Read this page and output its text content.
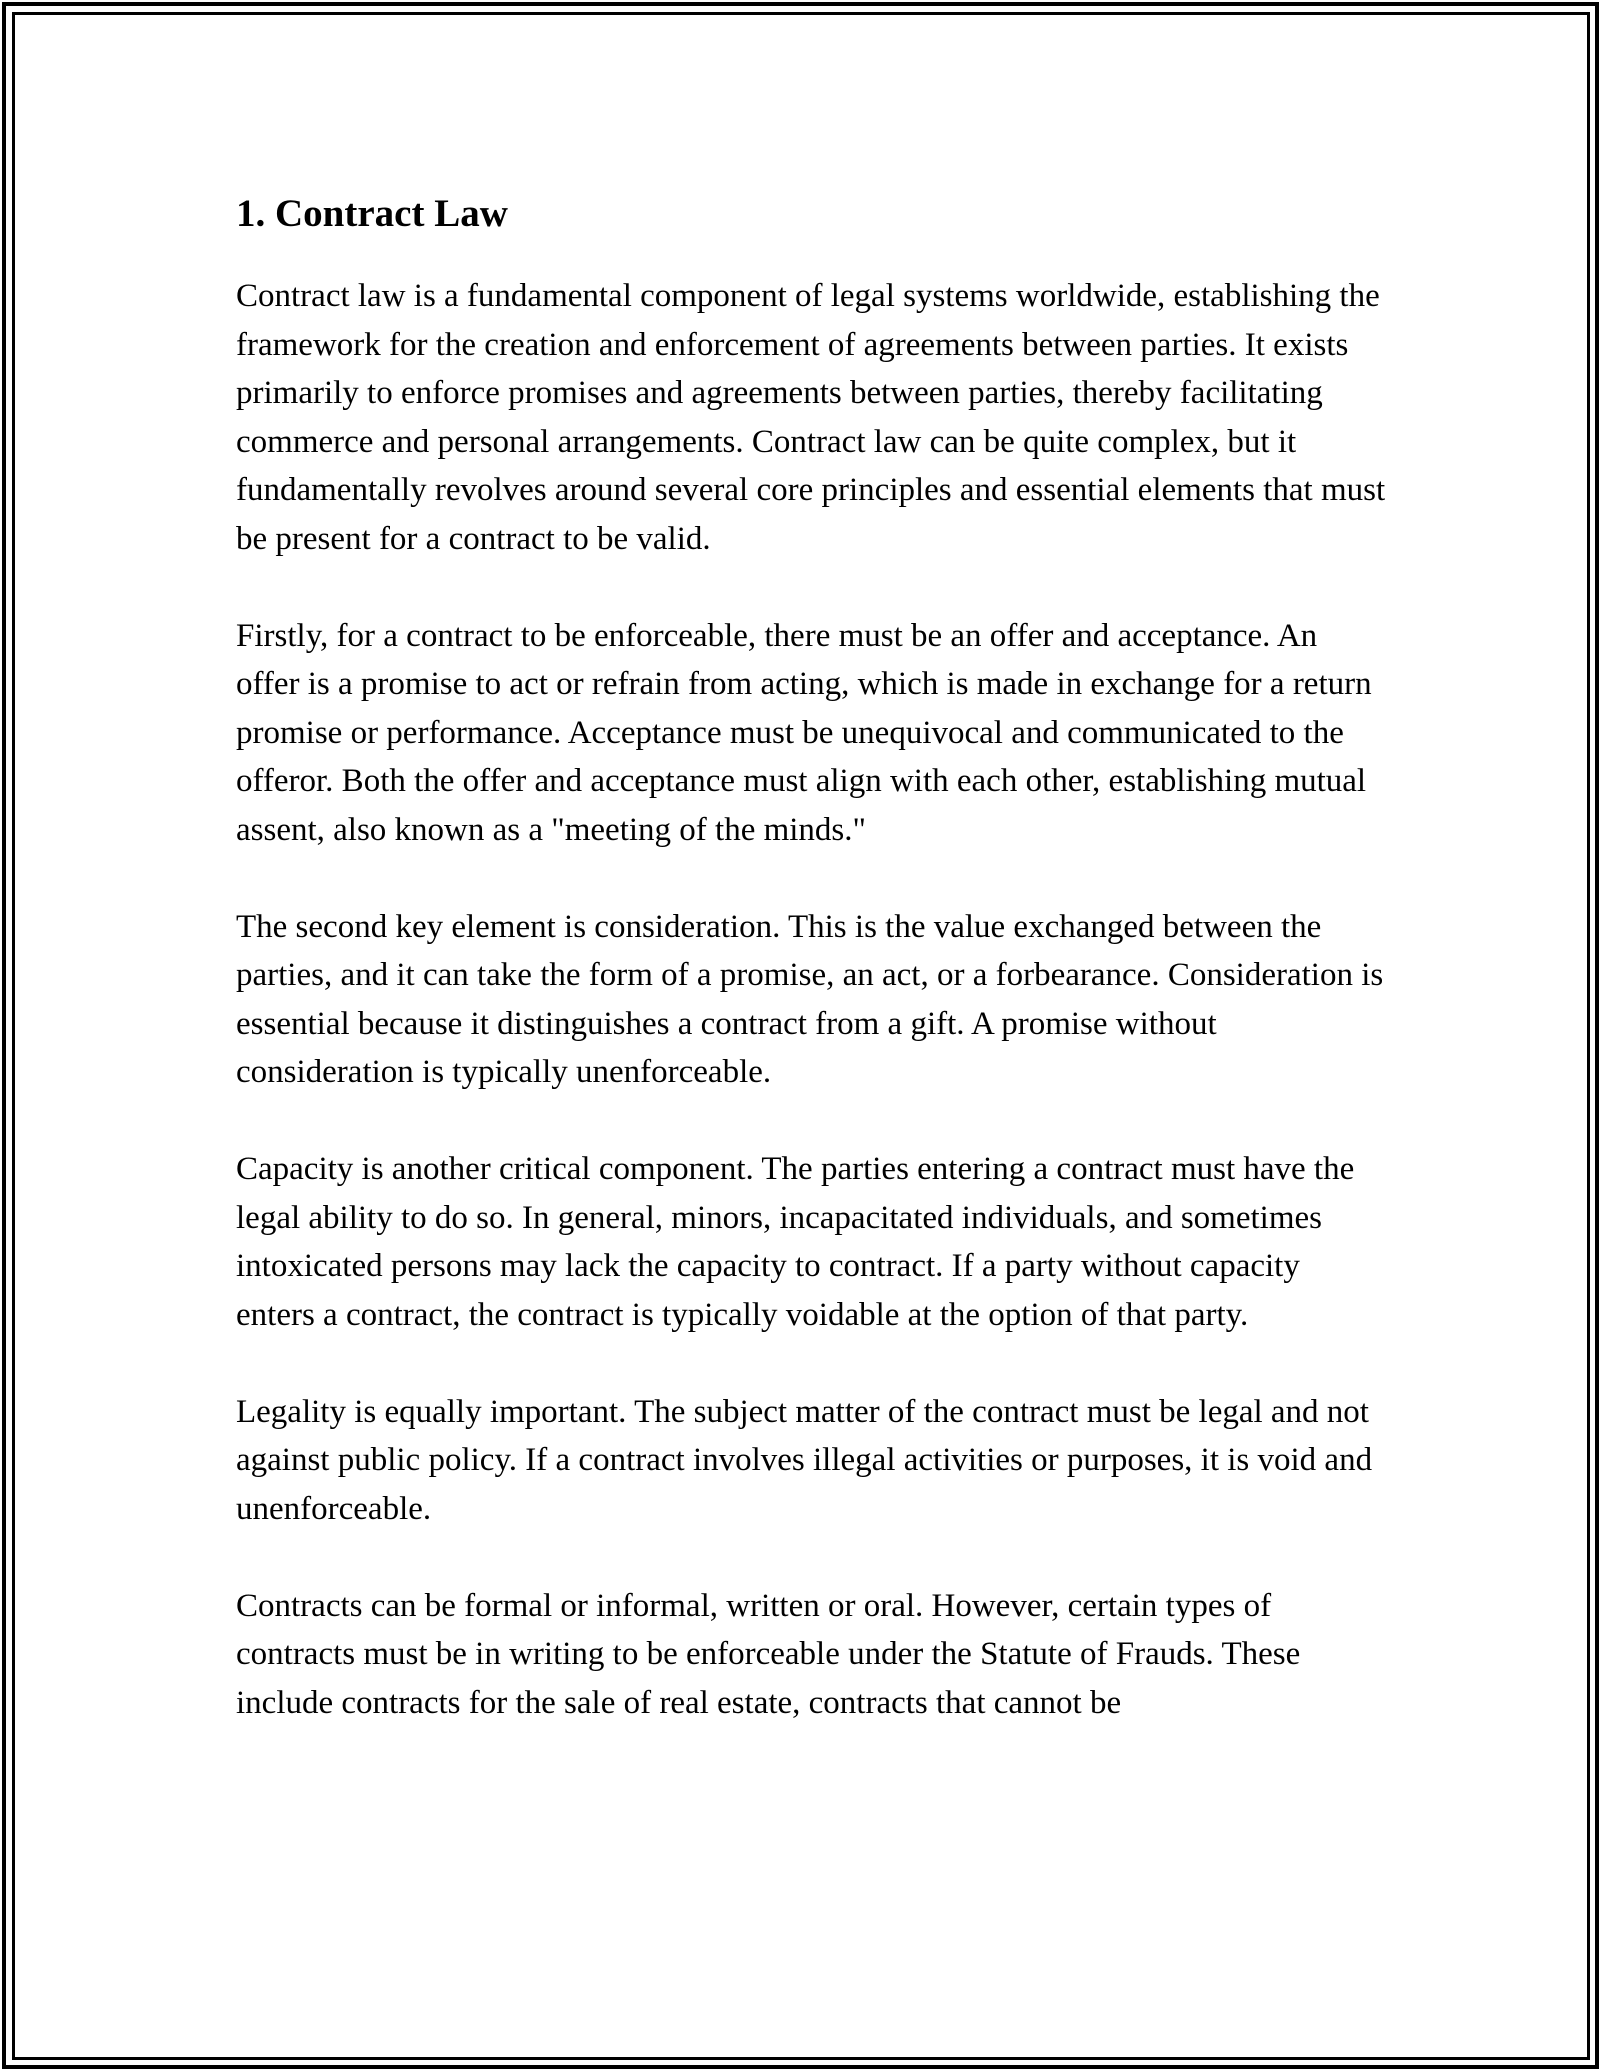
1. Contract Law

Contract law is a fundamental component of legal systems worldwide, establishing the framework for the creation and enforcement of agreements between parties. It exists primarily to enforce promises and agreements between parties, thereby facilitating commerce and personal arrangements. Contract law can be quite complex, but it fundamentally revolves around several core principles and essential elements that must be present for a contract to be valid.

Firstly, for a contract to be enforceable, there must be an offer and acceptance. An offer is a promise to act or refrain from acting, which is made in exchange for a return promise or performance. Acceptance must be unequivocal and communicated to the offeror. Both the offer and acceptance must align with each other, establishing mutual assent, also known as a "meeting of the minds."

The second key element is consideration. This is the value exchanged between the parties, and it can take the form of a promise, an act, or a forbearance. Consideration is essential because it distinguishes a contract from a gift. A promise without consideration is typically unenforceable.

Capacity is another critical component. The parties entering a contract must have the legal ability to do so. In general, minors, incapacitated individuals, and sometimes intoxicated persons may lack the capacity to contract. If a party without capacity enters a contract, the contract is typically voidable at the option of that party.

Legality is equally important. The subject matter of the contract must be legal and not against public policy. If a contract involves illegal activities or purposes, it is void and unenforceable.

Contracts can be formal or informal, written or oral. However, certain types of contracts must be in writing to be enforceable under the Statute of Frauds. These include contracts for the sale of real estate, contracts that cannot be
